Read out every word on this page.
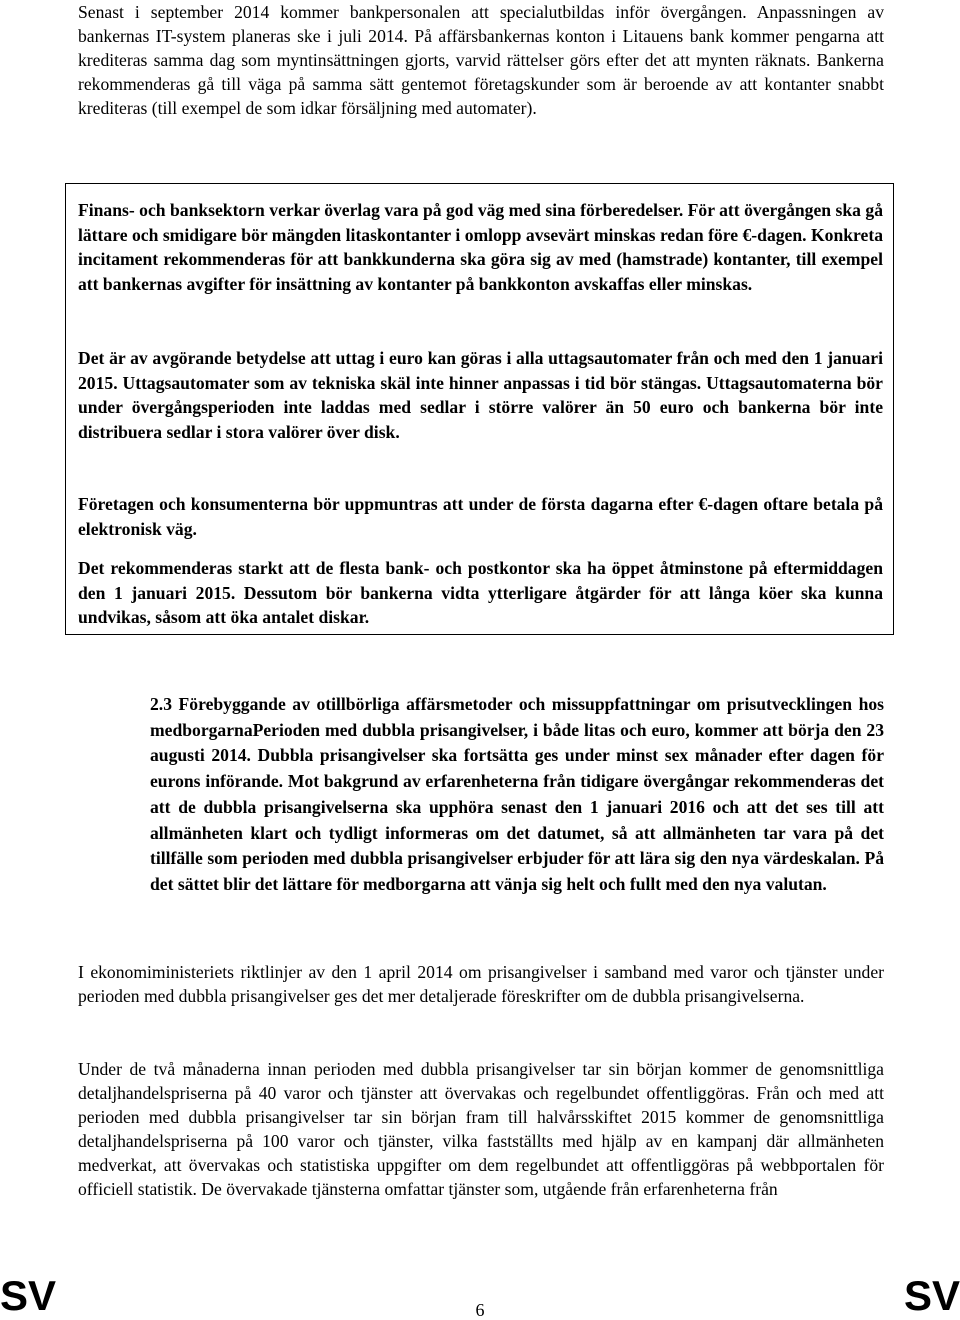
Senast i september 2014 kommer bankpersonalen att specialutbildas inför övergången. Anpassningen av bankernas IT-system planeras ske i juli 2014. På affärsbankernas konton i Litauens bank kommer pengarna att krediteras samma dag som myntinsättningen gjorts, varvid rättelser görs efter det att mynten räknats. Bankerna rekommenderas gå till väga på samma sätt gentemot företagskunder som är beroende av att kontanter snabbt krediteras (till exempel de som idkar försäljning med automater).

Finans- och banksektorn verkar överlag vara på god väg med sina förberedelser. För att övergången ska gå lättare och smidigare bör mängden litaskontanter i omlopp avsevärt minskas redan före €-dagen. Konkreta incitament rekommenderas för att bankkunderna ska göra sig av med (hamstrade) kontanter, till exempel att bankernas avgifter för insättning av kontanter på bankkonton avskaffas eller minskas.

Det är av avgörande betydelse att uttag i euro kan göras i alla uttagsautomater från och med den 1 januari 2015. Uttagsautomater som av tekniska skäl inte hinner anpassas i tid bör stängas. Uttagsautomaterna bör under övergångsperioden inte laddas med sedlar i större valörer än 50 euro och bankerna bör inte distribuera sedlar i stora valörer över disk.

Företagen och konsumenterna bör uppmuntras att under de första dagarna efter €-dagen oftare betala på elektronisk väg.

Det rekommenderas starkt att de flesta bank- och postkontor ska ha öppet åtminstone på eftermiddagen den 1 januari 2015. Dessutom bör bankerna vidta ytterligare åtgärder för att långa köer ska kunna undvikas, såsom att öka antalet diskar.

2.3 Förebyggande av otillbörliga affärsmetoder och missuppfattningar om prisutvecklingen hos medborgarnaPerioden med dubbla prisangivelser, i både litas och euro, kommer att börja den 23 augusti 2014. Dubbla prisangivelser ska fortsätta ges under minst sex månader efter dagen för eurons införande. Mot bakgrund av erfarenheterna från tidigare övergångar rekommenderas det att de dubbla prisangivelserna ska upphöra senast den 1 januari 2016 och att det ses till att allmänheten klart och tydligt informeras om det datumet, så att allmänheten tar vara på det tillfälle som perioden med dubbla prisangivelser erbjuder för att lära sig den nya värdeskalan. På det sättet blir det lättare för medborgarna att vänja sig helt och fullt med den nya valutan.

I ekonomiministeriets riktlinjer av den 1 april 2014 om prisangivelser i samband med varor och tjänster under perioden med dubbla prisangivelser ges det mer detaljerade föreskrifter om de dubbla prisangivelserna.

Under de två månaderna innan perioden med dubbla prisangivelser tar sin början kommer de genomsnittliga detaljhandelspriserna på 40 varor och tjänster att övervakas och regelbundet offentliggöras. Från och med att perioden med dubbla prisangivelser tar sin början fram till halvårsskiftet 2015 kommer de genomsnittliga detaljhandelspriserna på 100 varor och tjänster, vilka fastställts med hjälp av en kampanj där allmänheten medverkat, att övervakas och statistiska uppgifter om dem regelbundet att offentliggöras på webbportalen för officiell statistik. De övervakade tjänsterna omfattar tjänster som, utgående från erfarenheterna från

SV	6	SV
